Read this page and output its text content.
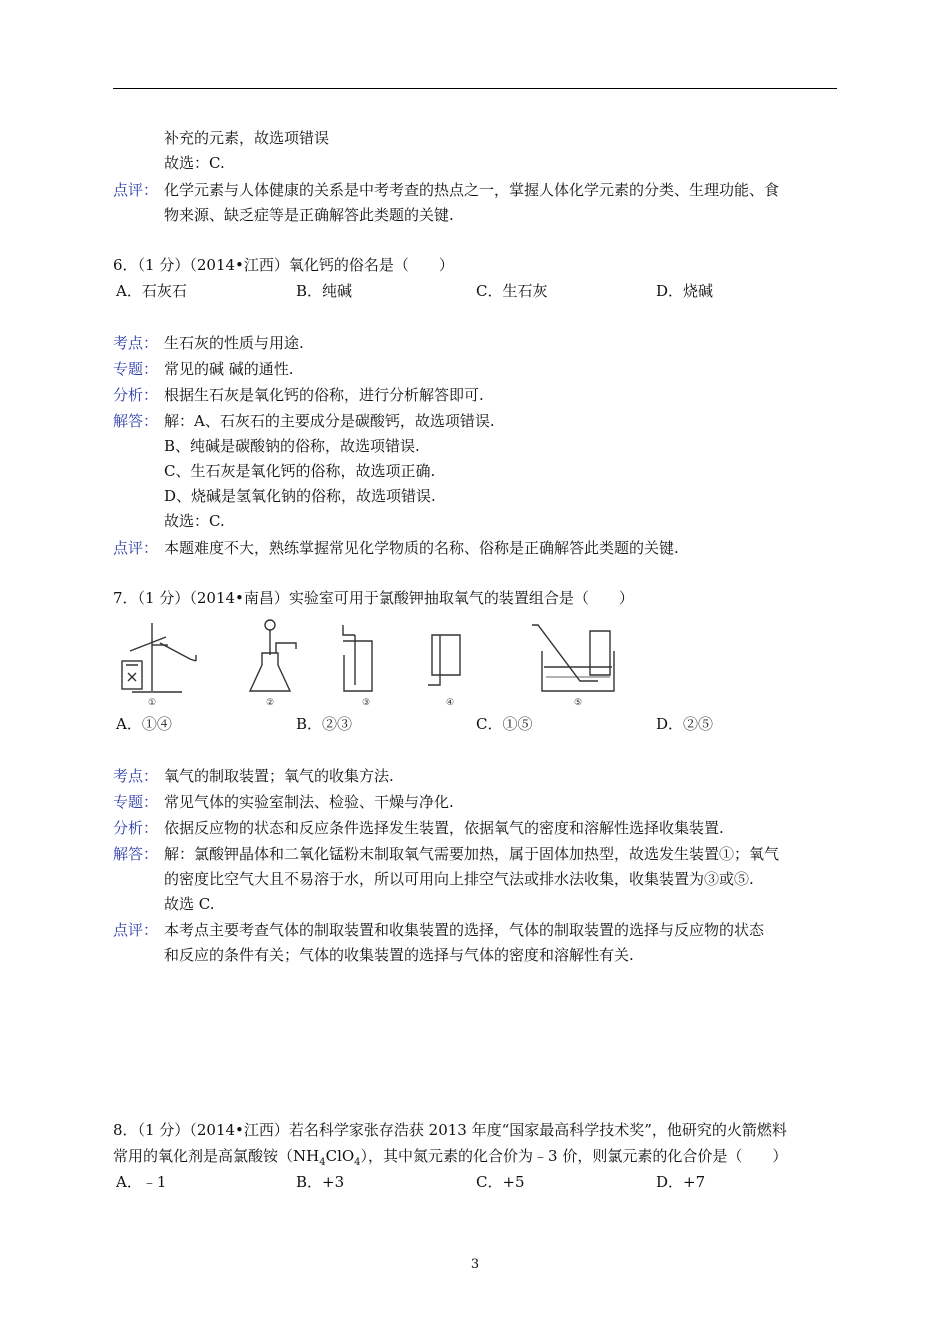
补充的元素，故选项错误
故选：C.
点评： 化学元素与人体健康的关系是中考考查的热点之一，掌握人体化学元素的分类、生理功能、食
物来源、缺乏症等是正确解答此类题的关键.
6．（1 分）（2014•江西）氧化钙的俗名是（　　）
A．石灰石	B．纯碱	C．生石灰	D．烧碱
考点： 生石灰的性质与用途.
专题： 常见的碱 碱的通性.
分析： 根据生石灰是氧化钙的俗称，进行分析解答即可.
解答： 解：A、石灰石的主要成分是碳酸钙，故选项错误.
B、纯碱是碳酸钠的俗称，故选项错误.
C、生石灰是氧化钙的俗称，故选项正确.
D、烧碱是氢氧化钠的俗称，故选项错误.
故选：C.
点评： 本题难度不大，熟练掌握常见化学物质的名称、俗称是正确解答此类题的关键.
7．（1 分）（2014•南昌）实验室可用于氯酸钾抽取氧气的装置组合是（　　）
①	②	③	④	⑤
A．①④	B．②③	C．①⑤	D．②⑤
考点： 氧气的制取装置；氧气的收集方法.
专题： 常见气体的实验室制法、检验、干燥与净化.
分析： 依据反应物的状态和反应条件选择发生装置，依据氧气的密度和溶解性选择收集装置.
解答： 解：氯酸钾晶体和二氧化锰粉末制取氧气需要加热，属于固体加热型，故选发生装置①；氧气
的密度比空气大且不易溶于水，所以可用向上排空气法或排水法收集，收集装置为③或⑤.
故选 C.
点评： 本考点主要考查气体的制取装置和收集装置的选择，气体的制取装置的选择与反应物的状态
和反应的条件有关；气体的收集装置的选择与气体的密度和溶解性有关.
8．（1 分）（2014•江西）若名科学家张存浩获 2013 年度“国家最高科学技术奖”，他研究的火箭燃料
常用的氧化剂是高氯酸铵$(NH_4ClO_4)$，其中氮元素的化合价为﹣3 价，则氯元素的化合价是（　　）
A．﹣1	B．+3	C．+5	D．+7
3
